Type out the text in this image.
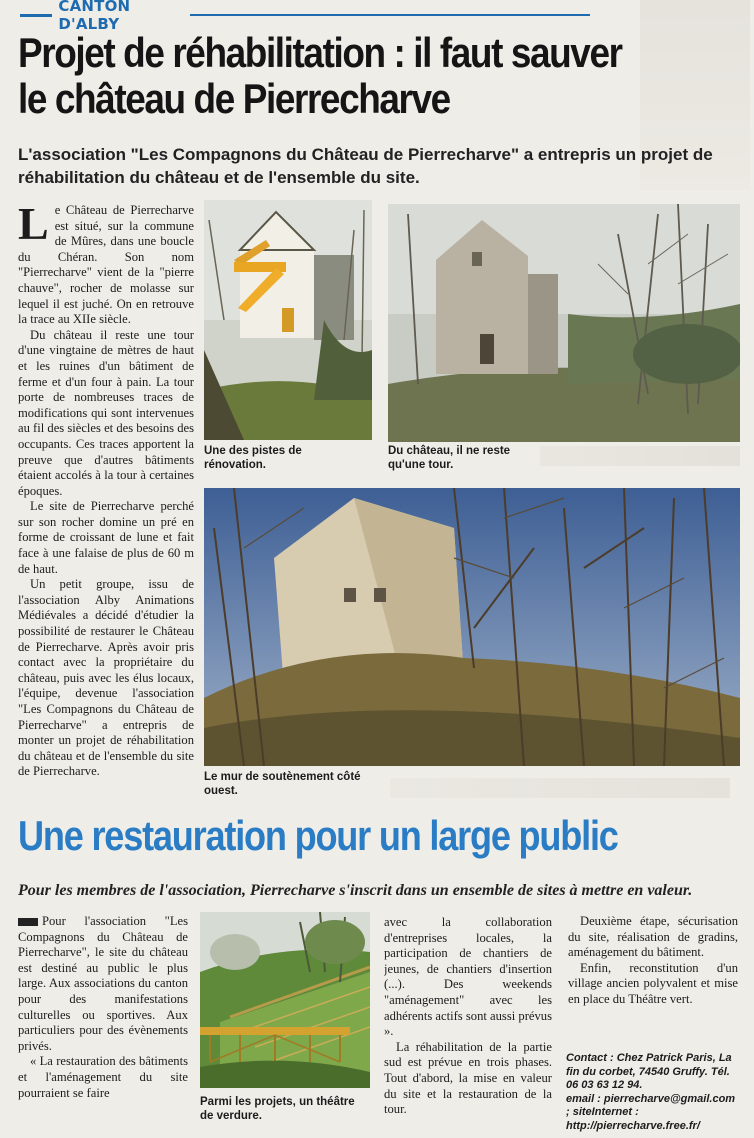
CANTON D'ALBY
Projet de réhabilitation : il faut sauver le château de Pierrecharve
L'association "Les Compagnons du Château de Pierrecharve" a entrepris un projet de réhabilitation du château et de l'ensemble du site.

Le Château de Pierrecharve est situé, sur la commune de Mûres, dans une boucle du Chéran. Son nom "Pierrecharve" vient de la "pierre chauve", rocher de molasse sur lequel il est juché. On en retrouve la trace au XIIe siècle.

Du château il reste une tour d'une vingtaine de mètres de haut et les ruines d'un bâtiment de ferme et d'un four à pain. La tour porte de nombreuses traces de modifications qui sont intervenues au fil des siècles et des besoins des occupants. Ces traces apportent la preuve que d'autres bâtiments étaient accolés à la tour à certaines époques.

Le site de Pierrecharve perché sur son rocher domine un pré en forme de croissant de lune et fait face à une falaise de plus de 60 m de haut.

Un petit groupe, issu de l'association Alby Animations Médiévales a décidé d'étudier la possibilité de restaurer le Château de Pierrecharve. Après avoir pris contact avec la propriétaire du château, puis avec les élus locaux, l'équipe, devenue l'association "Les Compagnons du Château de Pierrecharve" a entrepris de monter un projet de réhabilitation du château et de l'ensemble du site de Pierrecharve.

Une des pistes de rénovation.
Du château, il ne reste qu'une tour.
Le mur de soutènement côté ouest.
Une restauration pour un large public
Pour les membres de l'association, Pierrecharve s'inscrit dans un ensemble de sites à mettre en valeur.

Pour l'association "Les Compagnons du Château de Pierrecharve", le site du château est destiné au public le plus large. Aux associations du canton pour des manifestations culturelles ou sportives. Aux particuliers pour des évènements privés.

« La restauration des bâtiments et l'aménagement du site pourraient se faire

Parmi les projets, un théâtre de verdure.

avec la collaboration d'entreprises locales, la participation de chantiers de jeunes, de chantiers d'insertion (...). Des weekends "aménagement" avec les adhérents actifs sont aussi prévus ».

La réhabilitation de la partie sud est prévue en trois phases. Tout d'abord, la mise en valeur du site et la restauration de la tour.

Deuxième étape, sécurisation du site, réalisation de gradins, aménagement du bâtiment.

Enfin, reconstitution d'un village ancien polyvalent et mise en place du Théâtre vert.

Contact : Chez Patrick Paris, La fin du corbet, 74540 Gruffy. Tél. 06 03 63 12 94.
email : pierrecharve@gmail.com ; siteInternet : http://pierrecharve.free.fr/
